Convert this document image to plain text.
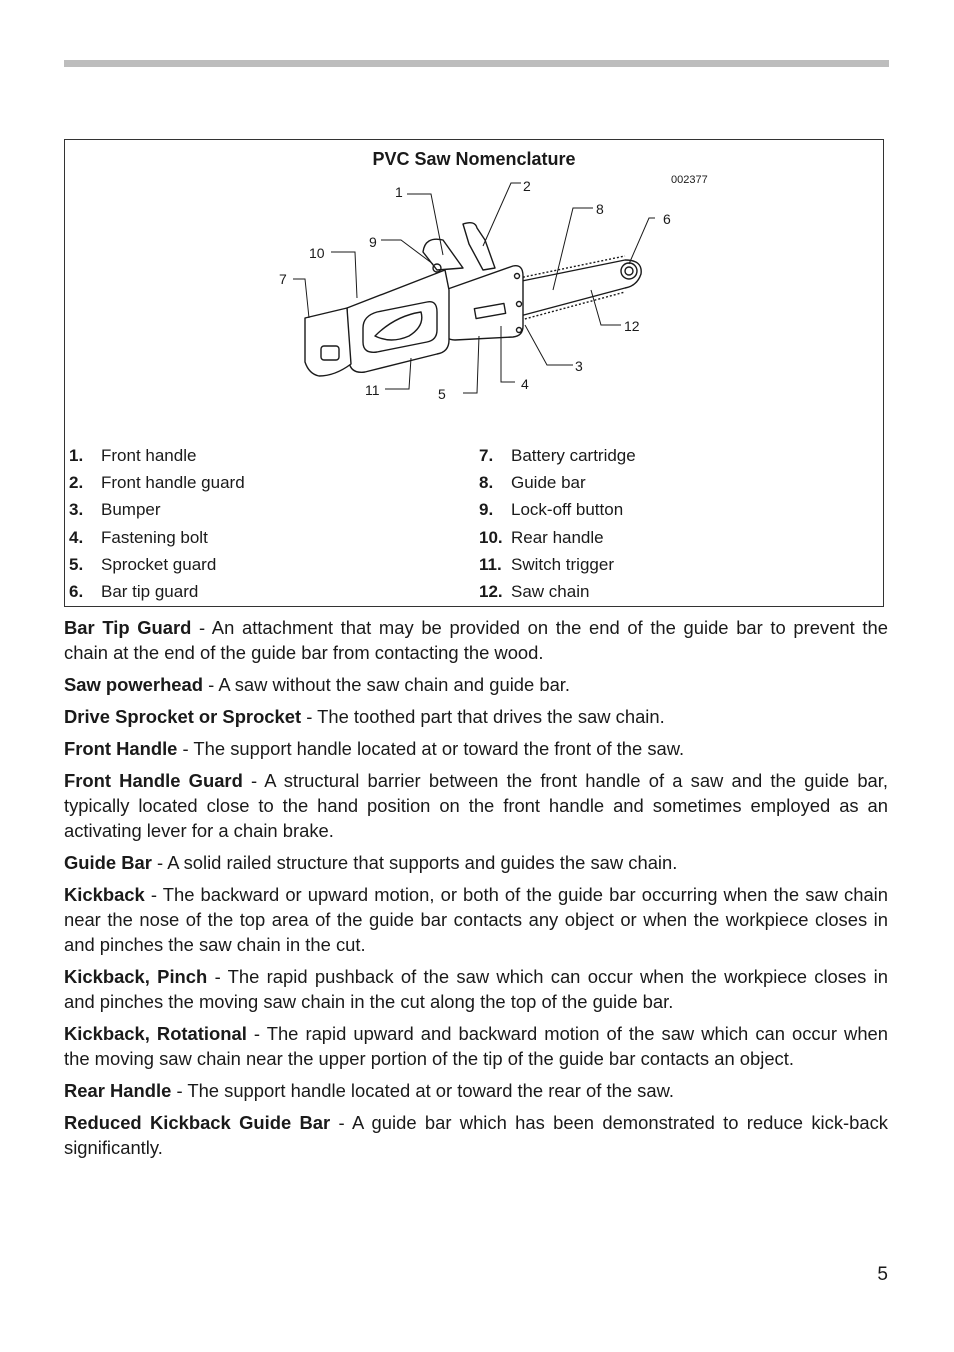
PVC Saw Nomenclature
002377
1	2
3
4
5
6
7
8
9
10
11
12
1.	Front handle
2.	Front handle guard
3.	Bumper
4.	Fastening bolt
5.	Sprocket guard
6.	Bar tip guard
7.	Battery cartridge
8.	Guide bar
9.	Lock-off button
10. Rear handle
11. Switch trigger
12. Saw chain

Bar Tip Guard - An attachment that may be provided on the end of the guide bar to prevent the chain at the end of the guide bar from contacting the wood.

Saw powerhead - A saw without the saw chain and guide bar.

Drive Sprocket or Sprocket - The toothed part that drives the saw chain.

Front Handle - The support handle located at or toward the front of the saw.

Front Handle Guard - A structural barrier between the front handle of a saw and the guide bar, typically located close to the hand position on the front handle and sometimes employed as an activating lever for a chain brake.

Guide Bar - A solid railed structure that supports and guides the saw chain.

Kickback - The backward or upward motion, or both of the guide bar occurring when the saw chain near the nose of the top area of the guide bar contacts any object or when the workpiece closes in and pinches the saw chain in the cut.

Kickback, Pinch - The rapid pushback of the saw which can occur when the workpiece closes in and pinches the moving saw chain in the cut along the top of the guide bar.

Kickback, Rotational - The rapid upward and backward motion of the saw which can occur when the moving saw chain near the upper portion of the tip of the guide bar contacts an object.

Rear Handle - The support handle located at or toward the rear of the saw.

Reduced Kickback Guide Bar - A guide bar which has been demonstrated to reduce kick-back significantly.

5
